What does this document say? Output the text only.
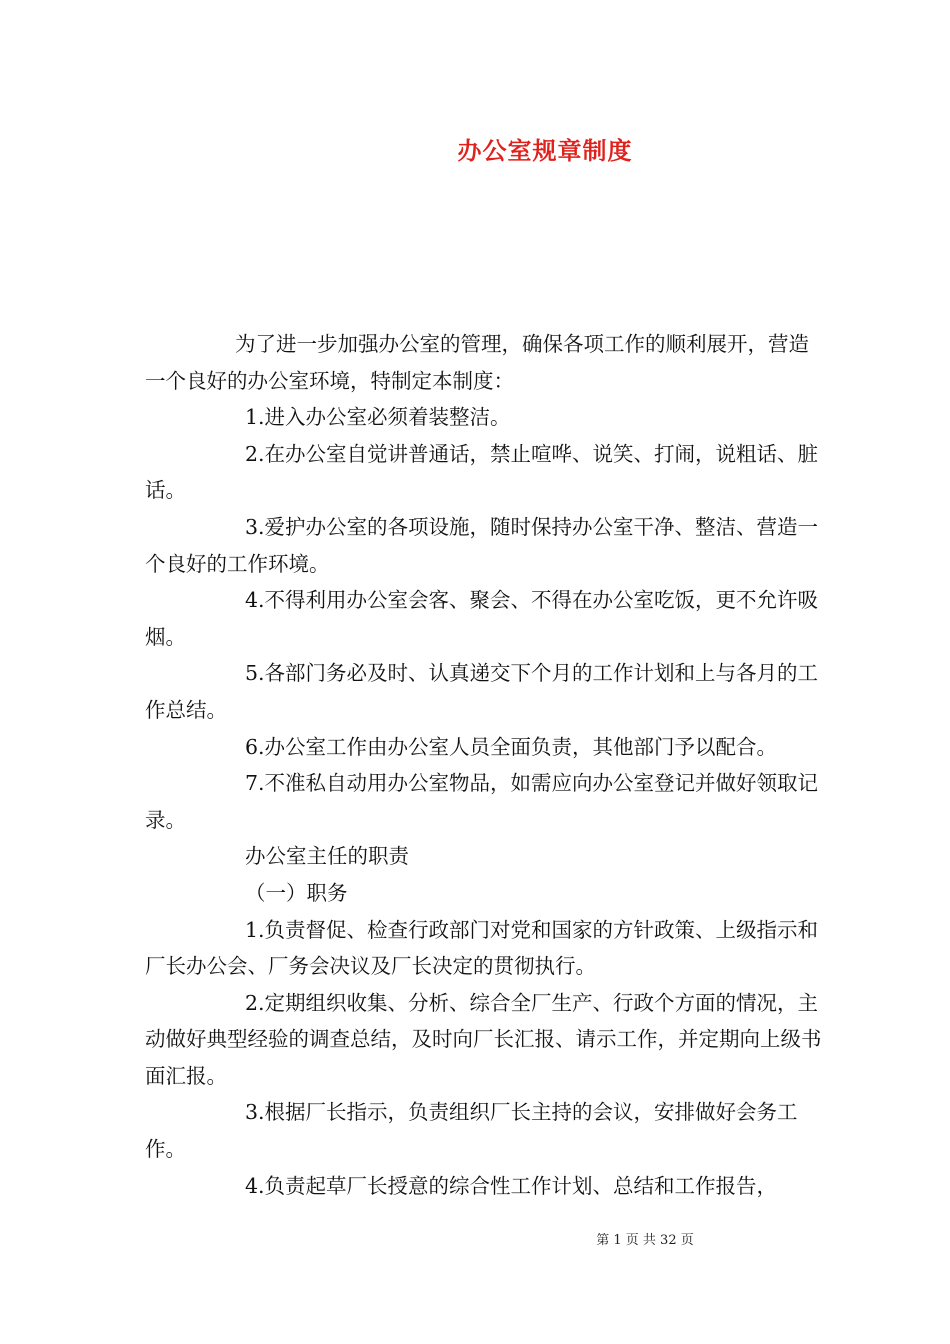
办公室规章制度

为了进一步加强办公室的管理，确保各项工作的顺利展开，营造一个良好的办公室环境，特制定本制度：

1.进入办公室必须着装整洁。

2.在办公室自觉讲普通话，禁止喧哗、说笑、打闹，说粗话、脏话。

3.爱护办公室的各项设施，随时保持办公室干净、整洁、营造一个良好的工作环境。

4.不得利用办公室会客、聚会、不得在办公室吃饭，更不允许吸烟。

5.各部门务必及时、认真递交下个月的工作计划和上与各月的工作总结。

6.办公室工作由办公室人员全面负责，其他部门予以配合。

7.不准私自动用办公室物品，如需应向办公室登记并做好领取记录。

办公室主任的职责

（一）职务

1.负责督促、检查行政部门对党和国家的方针政策、上级指示和厂长办公会、厂务会决议及厂长决定的贯彻执行。

2.定期组织收集、分析、综合全厂生产、行政个方面的情况，主动做好典型经验的调查总结，及时向厂长汇报、请示工作，并定期向上级书面汇报。

3.根据厂长指示，负责组织厂长主持的会议，安排做好会务工作。

4.负责起草厂长授意的综合性工作计划、总结和工作报告，

第 1 页 共 32 页
